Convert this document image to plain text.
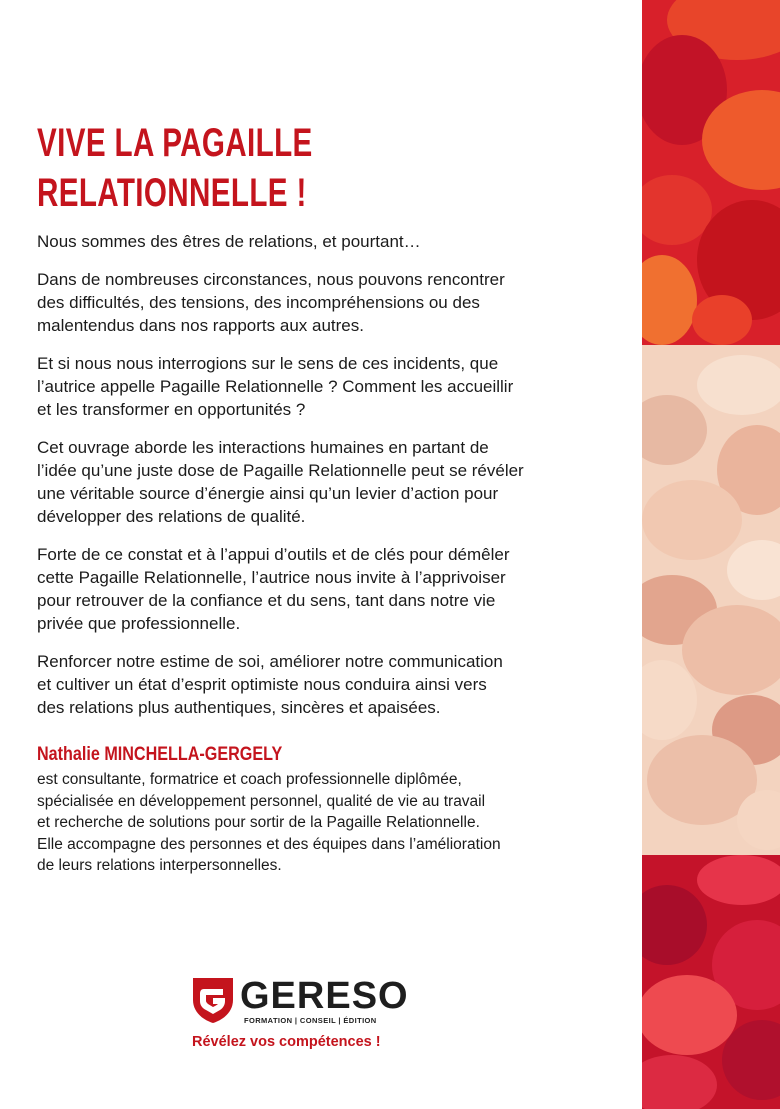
VIVE LA PAGAILLE
RELATIONNELLE !

Nous sommes des êtres de relations, et pourtant…

Dans de nombreuses circonstances, nous pouvons rencontrer
des difficultés, des tensions, des incompréhensions ou des
malentendus dans nos rapports aux autres.

Et si nous nous interrogions sur le sens de ces incidents, que
l’autrice appelle Pagaille Relationnelle ? Comment les accueillir
et les transformer en opportunités ?

Cet ouvrage aborde les interactions humaines en partant de
l’idée qu’une juste dose de Pagaille Relationnelle peut se révéler
une véritable source d’énergie ainsi qu’un levier d’action pour
développer des relations de qualité.

Forte de ce constat et à l’appui d’outils et de clés pour démêler
cette Pagaille Relationnelle, l’autrice nous invite à l’apprivoiser
pour retrouver de la confiance et du sens, tant dans notre vie
privée que professionnelle.

Renforcer notre estime de soi, améliorer notre communication
et cultiver un état d’esprit optimiste nous conduira ainsi vers
des relations plus authentiques, sincères et apaisées.

Nathalie MINCHELLA-GERGELY
est consultante, formatrice et coach professionnelle diplômée,
spécialisée en développement personnel, qualité de vie au travail
et recherche de solutions pour sortir de la Pagaille Relationnelle.
Elle accompagne des personnes et des équipes dans l’amélioration
de leurs relations interpersonnelles.
GERESO
FORMATION | CONSEIL | ÉDITION
Révélez vos compétences !
